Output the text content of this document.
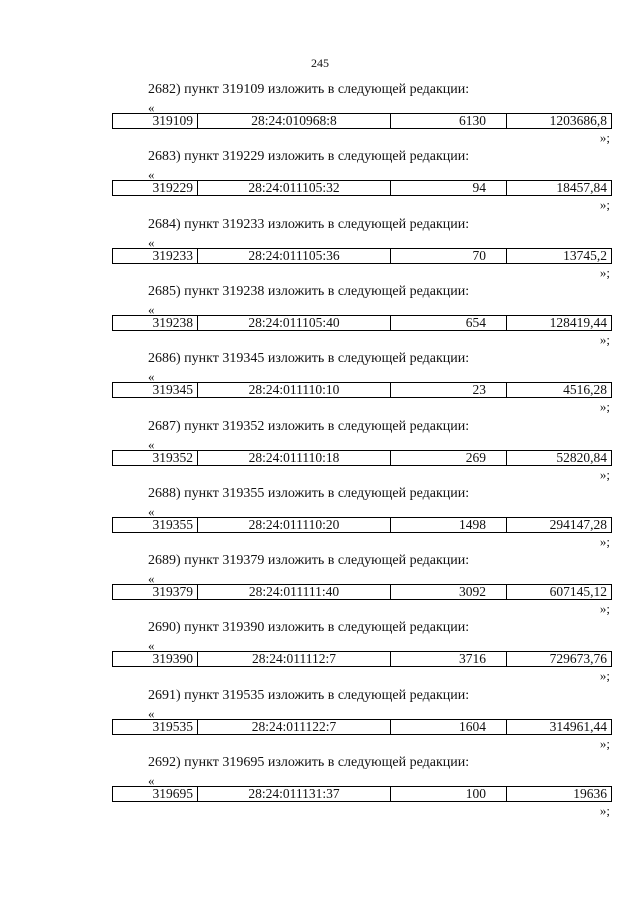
245
2682) пункт 319109 изложить в следующей редакции:
«
319109	28:24:010968:8	6130	1203686,8
»;
2683) пункт 319229 изложить в следующей редакции:
«
319229	28:24:011105:32	94	18457,84
»;
2684) пункт 319233 изложить в следующей редакции:
«
319233	28:24:011105:36	70	13745,2
»;
2685) пункт 319238 изложить в следующей редакции:
«
319238	28:24:011105:40	654	128419,44
»;
2686) пункт 319345 изложить в следующей редакции:
«
319345	28:24:011110:10	23	4516,28
»;
2687) пункт 319352 изложить в следующей редакции:
«
319352	28:24:011110:18	269	52820,84
»;
2688) пункт 319355 изложить в следующей редакции:
«
319355	28:24:011110:20	1498	294147,28
»;
2689) пункт 319379 изложить в следующей редакции:
«
319379	28:24:011111:40	3092	607145,12
»;
2690) пункт 319390 изложить в следующей редакции:
«
319390	28:24:011112:7	3716	729673,76
»;
2691) пункт 319535 изложить в следующей редакции:
«
319535	28:24:011122:7	1604	314961,44
»;
2692) пункт 319695 изложить в следующей редакции:
«
319695	28:24:011131:37	100	19636
»;
